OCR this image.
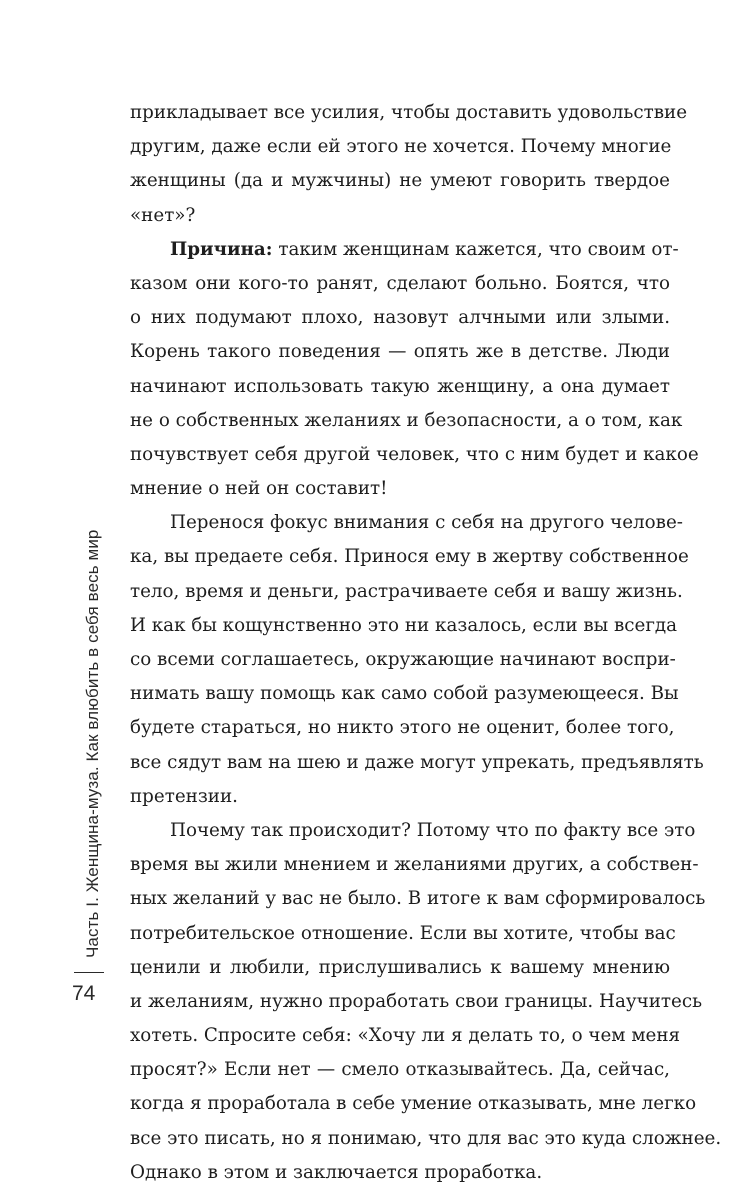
прикладывает все усилия, чтобы доставить удовольствие
другим, даже если ей этого не хочется. Почему многие
женщины (да и мужчины) не умеют говорить твердое
«нет»?
Причина: таким женщинам кажется, что своим от-
казом они кого-то ранят, сделают больно. Боятся, что
о них подумают плохо, назовут алчными или злыми.
Корень такого поведения — опять же в детстве. Люди
начинают использовать такую женщину, а она думает
не о собственных желаниях и безопасности, а о том, как
почувствует себя другой человек, что с ним будет и какое
мнение о ней он составит!
Перенося фокус внимания с себя на другого челове-
ка, вы предаете себя. Принося ему в жертву собственное
тело, время и деньги, растрачиваете себя и вашу жизнь.
И как бы кощунственно это ни казалось, если вы всегда
со всеми соглашаетесь, окружающие начинают воспри-
нимать вашу помощь как само собой разумеющееся. Вы
будете стараться, но никто этого не оценит, более того,
все сядут вам на шею и даже могут упрекать, предъявлять
претензии.
Почему так происходит? Потому что по факту все это
время вы жили мнением и желаниями других, а собствен-
ных желаний у вас не было. В итоге к вам сформировалось
потребительское отношение. Если вы хотите, чтобы вас
ценили и любили, прислушивались к вашему мнению
и желаниям, нужно проработать свои границы. Научитесь
хотеть. Спросите себя: «Хочу ли я делать то, о чем меня
просят?» Если нет — смело отказывайтесь. Да, сейчас,
когда я проработала в себе умение отказывать, мне легко
все это писать, но я понимаю, что для вас это куда сложнее.
Однако в этом и заключается проработка.
Часть I. Женщина-муза. Как влюбить в себя весь мир
74
